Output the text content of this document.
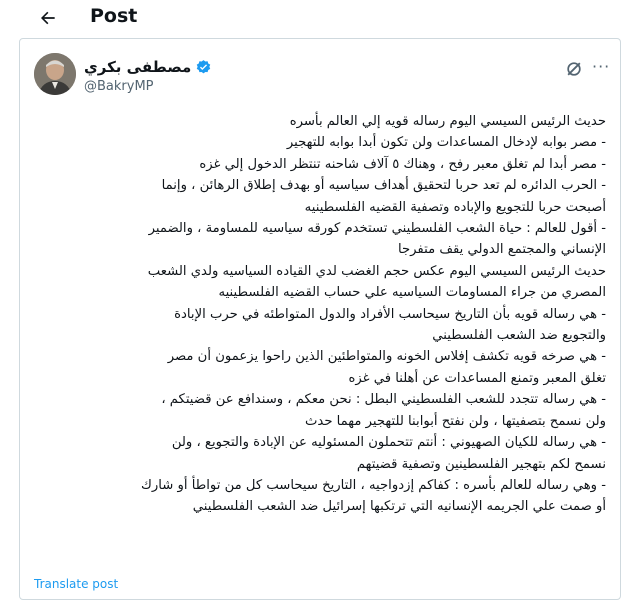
Post
مصطفى بكري
@BakryMP
···
حديث الرئيس السيسي اليوم رساله قويه إلي العالم بأسره
- مصر بوابه لإدخال المساعدات ولن تكون أبدا بوابه للتهجير
- مصر أبدا لم تغلق معبر رفح ، وهناك ٥ آلاف شاحنه تنتظر الدخول إلي غزه
- الحرب الدائره لم تعد حربا لتحقيق أهداف سياسيه أو بهدف إطلاق الرهائن ، وإنما
أصبحت حربا للتجويع والإباده وتصفية القضيه الفلسطينيه
- أقول للعالم : حياة الشعب الفلسطيني تستخدم كورقه سياسيه للمساومة ، والضمير
الإنساني والمجتمع الدولي يقف متفرجا
حديث الرئيس السيسي اليوم عكس حجم الغضب لدي القياده السياسيه ولدي الشعب
المصري من جراء المساومات السياسيه علي حساب القضيه الفلسطينيه
- هي رساله قويه بأن التاريخ سيحاسب الأفراد والدول المتواطئه في حرب الإبادة
والتجويع ضد الشعب الفلسطيني
- هي صرخه قويه تكشف إفلاس الخونه والمتواطئين الذين راحوا يزعمون أن مصر
تغلق المعبر وتمنع المساعدات عن أهلنا في غزه
- هي رساله تتجدد للشعب الفلسطيني البطل : نحن معكم ، وسندافع عن قضيتكم ،
ولن نسمح بتصفيتها ، ولن نفتح أبوابنا للتهجير مهما حدث
- هي رساله للكيان الصهيوني : أنتم تتحملون المسئوليه عن الإبادة والتجويع ، ولن
نسمح لكم بتهجير الفلسطينين وتصفية قضيتهم
- وهي رساله للعالم بأسره : كفاكم إزدواجيه ، التاريخ سيحاسب كل من تواطأ أو شارك
أو صمت علي الجريمه الإنسانيه التي ترتكبها إسرائيل ضد الشعب الفلسطيني
Translate post
